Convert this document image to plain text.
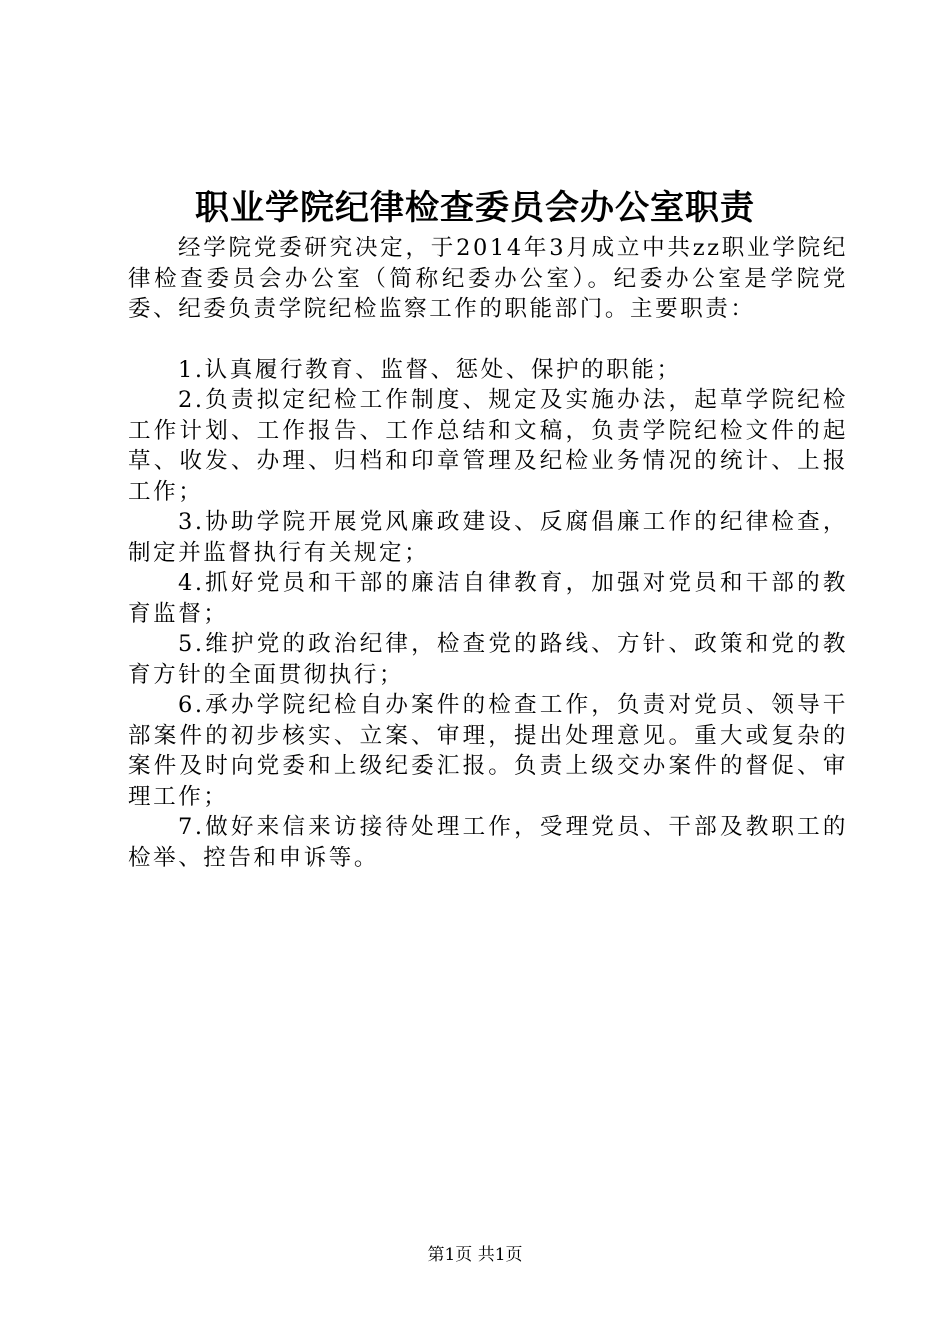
职业学院纪律检查委员会办公室职责

经学院党委研究决定，于2014年3月成立中共zz职业学院纪律检查委员会办公室（简称纪委办公室）。纪委办公室是学院党委、纪委负责学院纪检监察工作的职能部门。主要职责：

1.认真履行教育、监督、惩处、保护的职能；

2.负责拟定纪检工作制度、规定及实施办法，起草学院纪检工作计划、工作报告、工作总结和文稿，负责学院纪检文件的起草、收发、办理、归档和印章管理及纪检业务情况的统计、上报工作；

3.协助学院开展党风廉政建设、反腐倡廉工作的纪律检查，制定并监督执行有关规定；

4.抓好党员和干部的廉洁自律教育，加强对党员和干部的教育监督；

5.维护党的政治纪律，检查党的路线、方针、政策和党的教育方针的全面贯彻执行；

6.承办学院纪检自办案件的检查工作，负责对党员、领导干部案件的初步核实、立案、审理，提出处理意见。重大或复杂的案件及时向党委和上级纪委汇报。负责上级交办案件的督促、审理工作；

7.做好来信来访接待处理工作，受理党员、干部及教职工的检举、控告和申诉等。

第1页 共1页
